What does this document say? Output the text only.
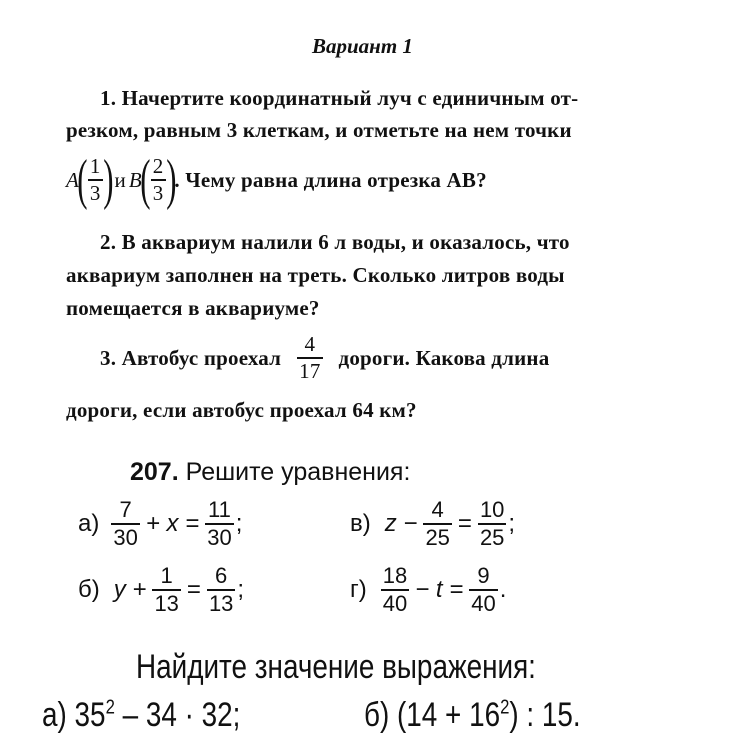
Вариант 1
1. Начертите координатный луч с единичным от-
резком, равным 3 клеткам, и отметьте на нем точки
A
( $\frac{1}{3}$ ) и B
( $\frac{2}{3}$ )
. Чему равна длина отрезка AB?
2. В аквариум налили 6 л воды, и оказалось, что
аквариум заполнен на треть. Сколько литров воды
помещается в аквариуме?
3. Автобус проехал $\frac{4}{17}$ дороги. Какова длина
дороги, если автобус проехал 64 км?
207. Решите уравнения:
$а) \frac{7}{30} + x = \frac{11}{30}$ ;	в) $z - \frac{4}{25} = \frac{10}{25}$ ;
б) $y + \frac{1}{13} = \frac{6}{13}$ ;	$г) \frac{18}{40} - t = \frac{9}{40}$ .
Найдите значение выражения:
а) $35^2 - 34 \cdot 32$;	б) $(14 + 16^2)$ : 15.
